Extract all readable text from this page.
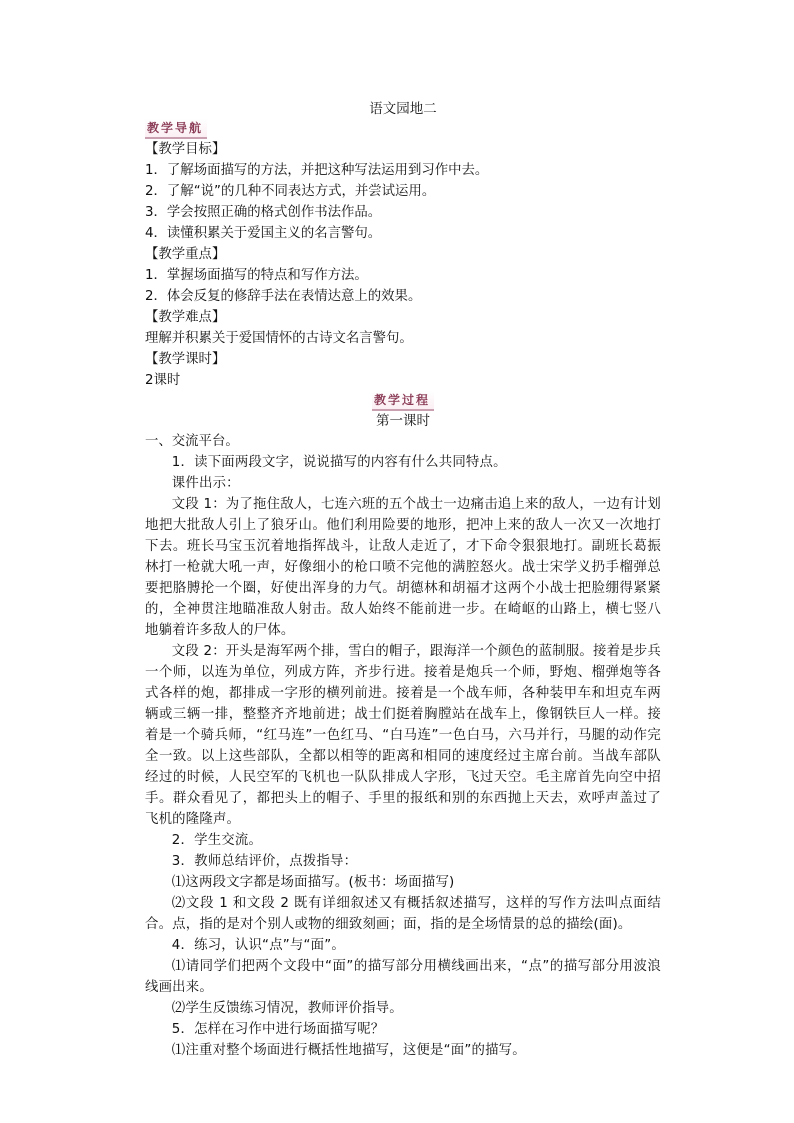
语文园地二

教学导航

【教学目标】

1．了解场面描写的方法，并把这种写法运用到习作中去。

2．了解“说”的几种不同表达方式，并尝试运用。

3．学会按照正确的格式创作书法作品。

4．读懂积累关于爱国主义的名言警句。

【教学重点】

1．掌握场面描写的特点和写作方法。

2．体会反复的修辞手法在表情达意上的效果。

【教学难点】

理解并积累关于爱国情怀的古诗文名言警句。

【教学课时】

2课时

教学过程

第一课时

一、交流平台。

1．读下面两段文字，说说描写的内容有什么共同特点。

课件出示：

文段 1：为了拖住敌人，七连六班的五个战士一边痛击追上来的敌人，一边有计划地把大批敌人引上了狼牙山。他们利用险要的地形，把冲上来的敌人一次又一次地打下去。班长马宝玉沉着地指挥战斗，让敌人走近了，才下命令狠狠地打。副班长葛振林打一枪就大吼一声，好像细小的枪口喷不完他的满腔怒火。战士宋学义扔手榴弹总要把胳膊抡一个圈，好使出浑身的力气。胡德林和胡福才这两个小战士把脸绷得紧紧的，全神贯注地瞄准敌人射击。敌人始终不能前进一步。在崎岖的山路上，横七竖八地躺着许多敌人的尸体。

文段 2：开头是海军两个排，雪白的帽子，跟海洋一个颜色的蓝制服。接着是步兵一个师，以连为单位，列成方阵，齐步行进。接着是炮兵一个师，野炮、榴弹炮等各式各样的炮，都排成一字形的横列前进。接着是一个战车师，各种装甲车和坦克车两辆或三辆一排，整整齐齐地前进；战士们挺着胸膛站在战车上，像钢铁巨人一样。接着是一个骑兵师，“红马连”一色红马、“白马连”一色白马，六马并行，马腿的动作完全一致。以上这些部队，全都以相等的距离和相同的速度经过主席台前。当战车部队经过的时候，人民空军的飞机也一队队排成人字形，飞过天空。毛主席首先向空中招手。群众看见了，都把头上的帽子、手里的报纸和别的东西抛上天去，欢呼声盖过了飞机的隆隆声。

2．学生交流。

3．教师总结评价，点拨指导：

⑴这两段文字都是场面描写。(板书：场面描写)

⑵文段 1 和文段 2 既有详细叙述又有概括叙述描写，这样的写作方法叫点面结合。点，指的是对个别人或物的细致刻画；面，指的是全场情景的总的描绘(面)。

4．练习，认识“点”与“面”。

⑴请同学们把两个文段中“面”的描写部分用横线画出来，“点”的描写部分用波浪线画出来。

⑵学生反馈练习情况，教师评价指导。

5．怎样在习作中进行场面描写呢？

⑴注重对整个场面进行概括性地描写，这便是“面”的描写。
